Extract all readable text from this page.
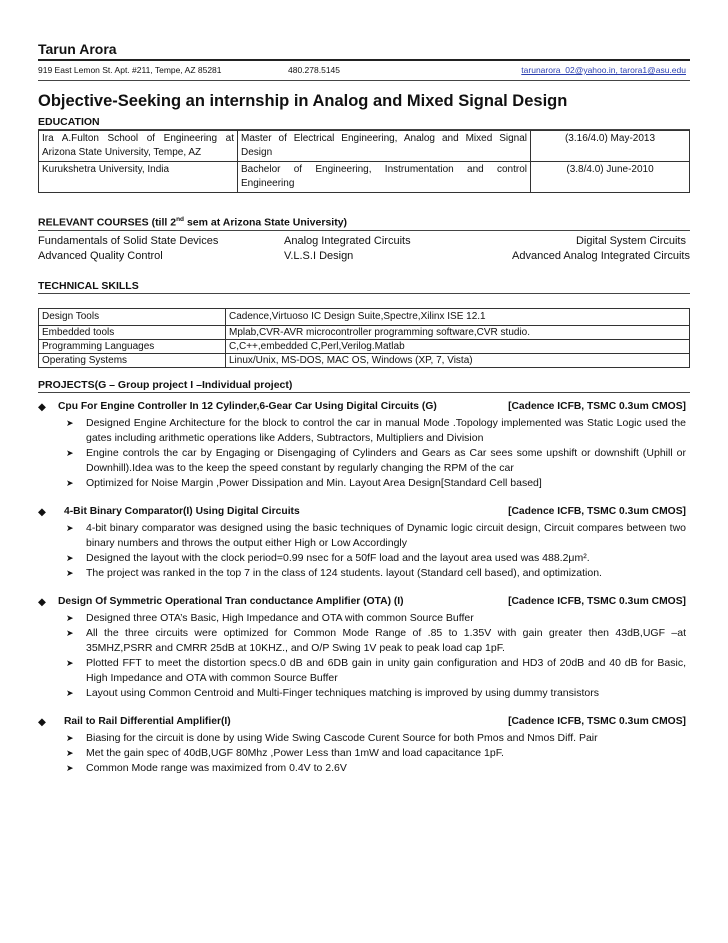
Tarun Arora
919 East Lemon St. Apt. #211, Tempe, AZ 85281	480.278.5145	tarunarora_02@yahoo.in, tarora1@asu.edu
Objective-Seeking an internship in Analog and Mixed Signal Design
EDUCATION
Ira A.Fulton School of Engineering at Arizona State University, Tempe, AZ	Master of Electrical Engineering, Analog and Mixed Signal Design	(3.16/4.0) May-2013
Kurukshetra University, India	Bachelor of Engineering, Instrumentation and control Engineering	(3.8/4.0) June-2010
RELEVANT COURSES (till 2nd sem at Arizona State University)
Fundamentals of Solid State Devices	Analog Integrated Circuits	Digital System Circuits
Advanced Quality Control	V.L.S.I Design	Advanced Analog Integrated Circuits
TECHNICAL SKILLS
Design Tools	Cadence,Virtuoso IC Design Suite,Spectre,Xilinx ISE 12.1
Embedded tools	Mplab,CVR-AVR microcontroller programming software,CVR studio.
Programming Languages	C,C++,embedded C,Perl,Verilog.Matlab
Operating Systems	Linux/Unix, MS-DOS, MAC OS, Windows (XP, 7, Vista)
PROJECTS(G – Group project I –Individual project)
◆ Cpu For Engine Controller In 12 Cylinder,6-Gear Car Using Digital Circuits (G)	[Cadence ICFB, TSMC 0.3um CMOS]
➤ Designed Engine Architecture for the block to control the car in manual Mode .Topology implemented was Static Logic used the gates including arithmetic operations like Adders, Subtractors, Multipliers and Division
➤ Engine controls the car by Engaging or Disengaging of Cylinders and Gears as Car sees some upshift or downshift (Uphill or Downhill).Idea was to the keep the speed constant by regularly changing the RPM of the car
➤ Optimized for Noise Margin ,Power Dissipation and Min. Layout Area Design[Standard Cell based]
◆ 4-Bit Binary Comparator(I) Using Digital Circuits	[Cadence ICFB, TSMC 0.3um CMOS]
➤ 4-bit binary comparator was designed using the basic techniques of Dynamic logic circuit design, Circuit compares between two binary numbers and throws the output either High or Low Accordingly
➤ Designed the layout with the clock period=0.99 nsec for a 50fF load and the layout area used was 488.2μm².
➤ The project was ranked in the top 7 in the class of 124 students. layout (Standard cell based), and optimization.
◆ Design Of Symmetric Operational Tran conductance Amplifier (OTA) (I)	[Cadence ICFB, TSMC 0.3um CMOS]
➤ Designed three OTA’s Basic, High Impedance and OTA with common Source Buffer
➤ All the three circuits were optimized for Common Mode Range of .85 to 1.35V with gain greater then 43dB,UGF –at 35MHZ,PSRR and CMRR 25dB at 10KHZ., and O/P Swing 1V peak to peak load cap 1pF.
➤ Plotted FFT to meet the distortion specs.0 dB and 6DB gain in unity gain configuration and HD3 of 20dB and 40 dB for Basic, High Impedance and OTA with common Source Buffer
➤ Layout using Common Centroid and Multi-Finger techniques matching is improved by using dummy transistors
◆ Rail to Rail Differential Amplifier(I)	[Cadence ICFB, TSMC 0.3um CMOS]
➤ Biasing for the circuit is done by using Wide Swing Cascode Curent Source for both Pmos and Nmos Diff. Pair
➤ Met the gain spec of 40dB,UGF 80Mhz ,Power Less than 1mW and load capacitance 1pF.
➤ Common Mode range was maximized from 0.4V to 2.6V
